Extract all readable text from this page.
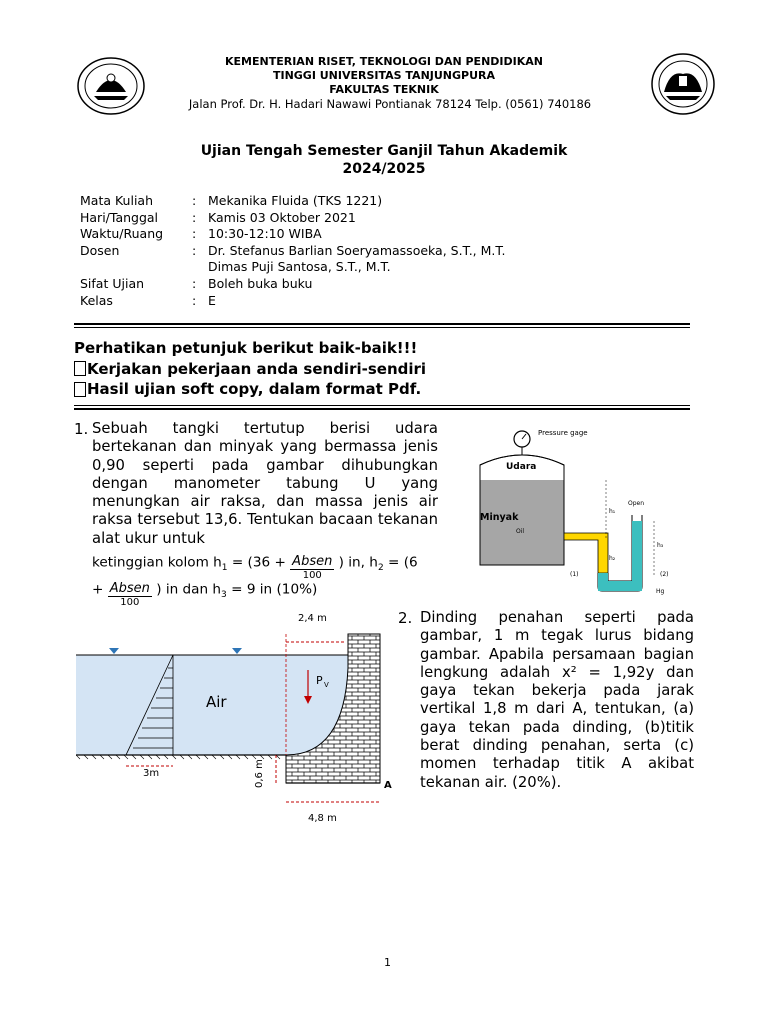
KEMENTERIAN RISET, TEKNOLOGI DAN PENDIDIKAN
TINGGI UNIVERSITAS TANJUNGPURA
FAKULTAS TEKNIK
Jalan Prof. Dr. H. Hadari Nawawi Pontianak 78124 Telp. (0561) 740186
Ujian Tengah Semester Ganjil Tahun Akademik
2024/2025
Mata Kuliah	: Mekanika Fluida (TKS 1221)
Hari/Tanggal	: Kamis 03 Oktober 2021
Waktu/Ruang	: 10:30-12:10 WIBA
Dosen	: Dr. Stefanus Barlian Soeryamassoeka, S.T., M.T.
Dimas Puji Santosa, S.T., M.T.
Sifat Ujian	: Boleh buka buku
Kelas	: E
Perhatikan petunjuk berikut baik-baik!!!
Kerjakan pekerjaan anda sendiri-sendiri
Hasil ujian soft copy, dalam format Pdf.
1. Sebuah tangki tertutup berisi udara bertekanan dan minyak yang bermassa jenis 0,90 seperti pada gambar dihubungkan dengan manometer tabung U yang menungkan air raksa, dan massa jenis air raksa tersebut 13,6. Tentukan bacaan tekanan alat ukur untuk
ketinggian kolom $h_1 = (36$ + Absen
100
) in, $h_2 = (6$
+ Absen
100
) in dan $h_3 = 9$ in (10%)
Pressure gage
Udara
Minyak
Oil
Open
h₁
h₂
h₃
(1)	(2)
Hg
2. Dinding penahan seperti pada gambar, 1 m tegak lurus bidang gambar. Apabila persamaan bagian lengkung adalah x² = 1,92y dan gaya tekan bekerja pada jarak vertikal 1,8 m dari A, tentukan, (a) gaya tekan pada dinding, (b)titik berat dinding penahan, serta (c) momen terhadap titik A akibat tekanan air. (20%).
Air
P V
2,4 m
3m	0,6 m	A
4,8 m
1
